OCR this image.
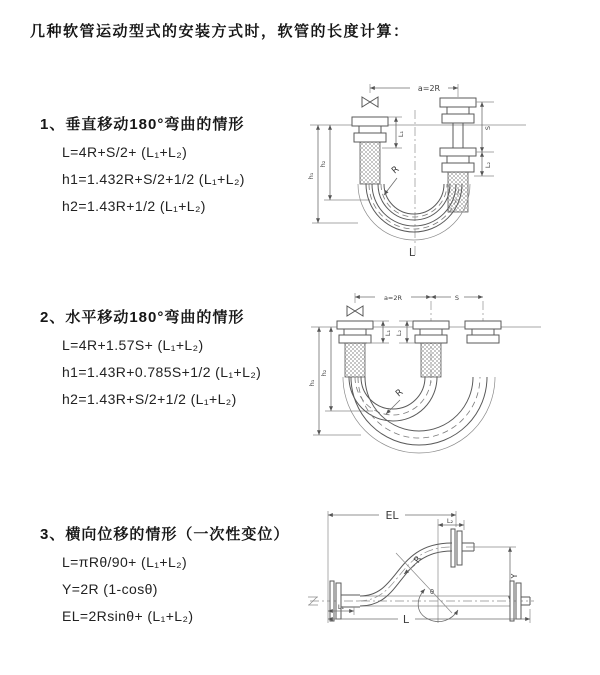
几种软管运动型式的安装方式时，软管的长度计算：
1、垂直移动180°弯曲的情形
L=4R+S/2+ (L₁+L₂)
h1=1.432R+S/2+1/2 (L₁+L₂)
h2=1.43R+1/2 (L₁+L₂)
2、水平移动180°弯曲的情形
L=4R+1.57S+ (L₁+L₂)
h1=1.43R+0.785S+1/2 (L₁+L₂)
h2=1.43R+S/2+1/2 (L₁+L₂)
3、横向位移的情形（一次性变位）
L=πRθ/90+ (L₁+L₂)
Y=2R (1-cosθ)
EL=2Rsinθ+ (L₁+L₂)
a=2R
L₁
S
L₂
h₁
h₂
R
L
a=2R	S
L₁ L₂
h₁
h₂
R
EL	L₂
Y
θ
R
L₁
L
